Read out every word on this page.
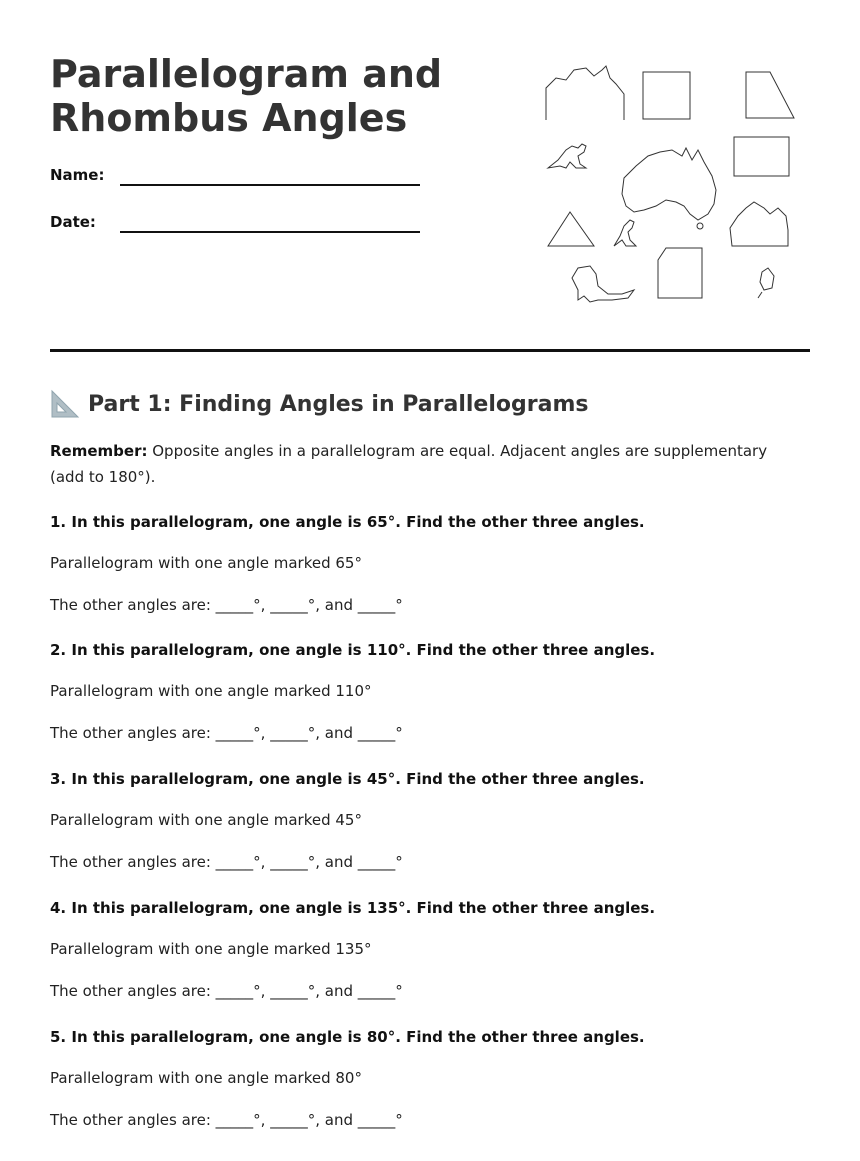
Parallelogram and Rhombus Angles
Name:
Date:
Part 1: Finding Angles in Parallelograms

Remember: Opposite angles in a parallelogram are equal. Adjacent angles are supplementary (add to 180°).

1. In this parallelogram, one angle is 65°. Find the other three angles.
Parallelogram with one angle marked 65°
The other angles are: _____°, _____°, and _____°
2. In this parallelogram, one angle is 110°. Find the other three angles.
Parallelogram with one angle marked 110°
The other angles are: _____°, _____°, and _____°
3. In this parallelogram, one angle is 45°. Find the other three angles.
Parallelogram with one angle marked 45°
The other angles are: _____°, _____°, and _____°
4. In this parallelogram, one angle is 135°. Find the other three angles.
Parallelogram with one angle marked 135°
The other angles are: _____°, _____°, and _____°
5. In this parallelogram, one angle is 80°. Find the other three angles.
Parallelogram with one angle marked 80°
The other angles are: _____°, _____°, and _____°
